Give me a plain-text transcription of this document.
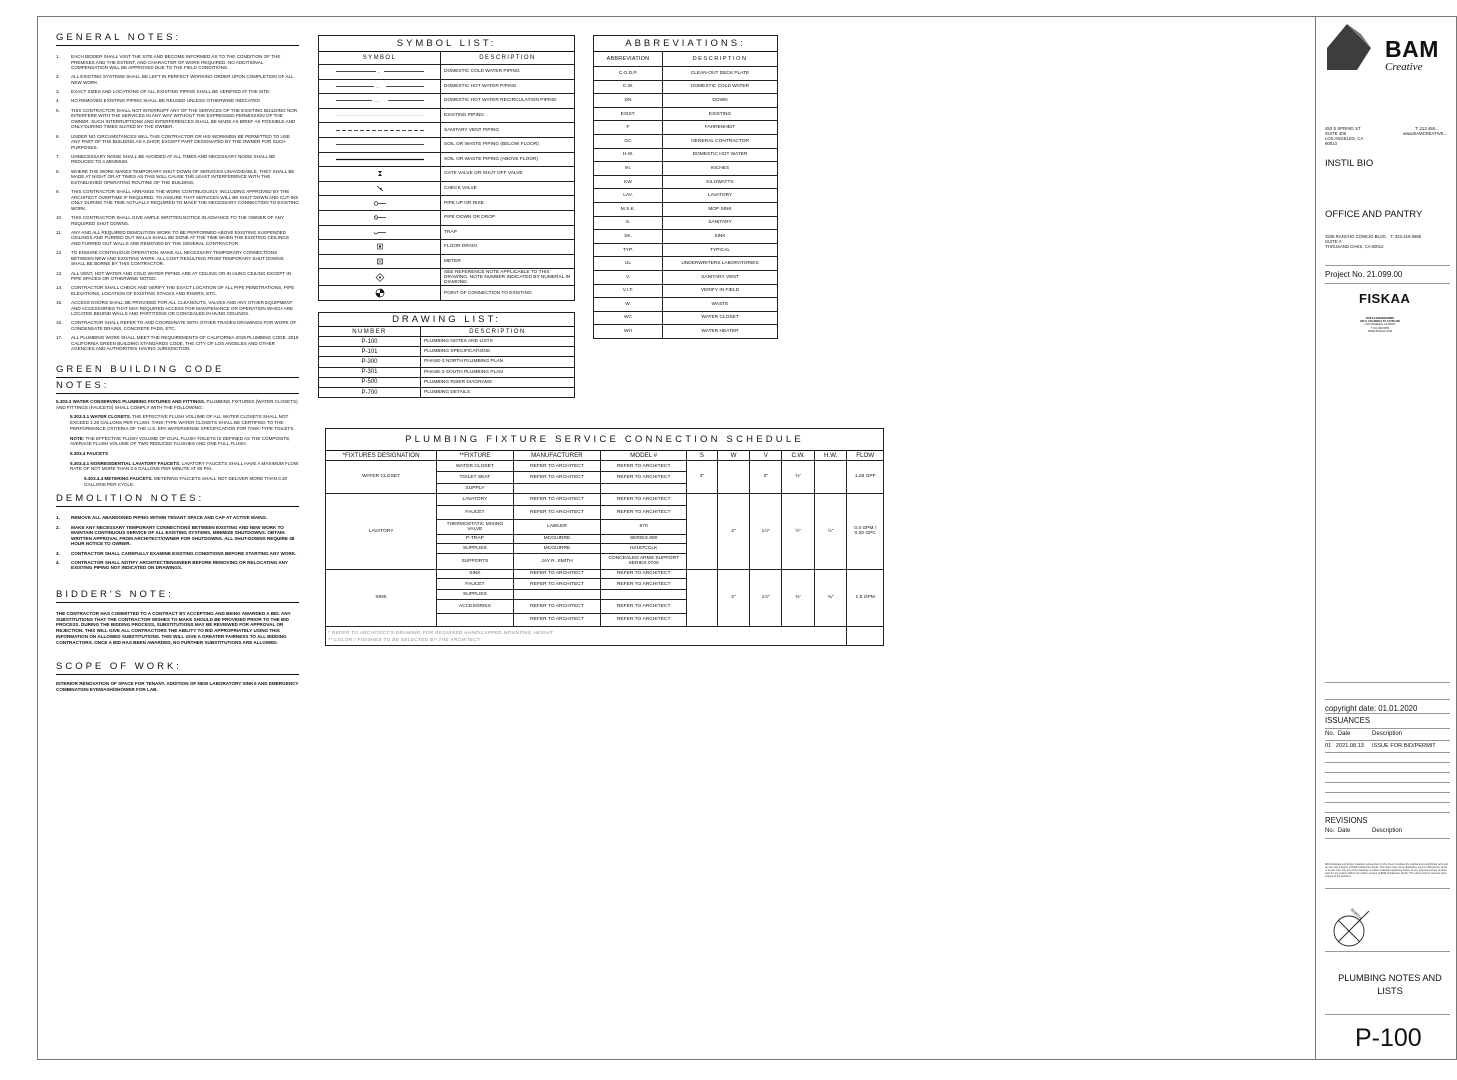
GENERAL NOTES:
1. EACH BIDDER SHALL VISIT THE SITE AND BECOME INFORMED AS TO THE CONDITION OF THE PREMISES AND THE EXTENT, AND CHARACTER OF WORK REQUIRED. NO ADDITIONAL COMPENSATION WILL BE APPROVED DUE TO THE FIELD CONDITIONS.
2. ALL EXISTING SYSTEMS SHALL BE LEFT IN PERFECT WORKING ORDER UPON COMPLETION OF ALL NEW WORK.
3. EXACT SIZES AND LOCATIONS OF ALL EXISTING PIPING SHALL BE VERIFIED AT THE SITE.
4. NO REMOVED EXISTING PIPING SHALL BE REUSED UNLESS OTHERWISE INDICATED.
5. THIS CONTRACTOR SHALL NOT INTERRUPT ANY OF THE SERVICES OF THE EXISTING BUILDING NOR INTERFERE WITH THE SERVICES IN ANY WAY WITHOUT THE EXPRESSED PERMISSION OF THE OWNER. SUCH INTERRUPTIONS AND INTERFERENCES SHALL BE MADE AS BRIEF AS POSSIBLE AND ONLY DURING TIMES SUITED BY THE OWNER.
6. UNDER NO CIRCUMSTANCES WILL THIS CONTRACTOR OR HIS WORKMEN BE PERMITTED TO USE ANY PART OF THE BUILDING AS A SHOP, EXCEPT PART DESIGNATED BY THE OWNER FOR SUCH PURPOSES.
7. UNNECESSARY NOISE SHALL BE AVOIDED AT ALL TIMES AND NECESSARY NOISE SHALL BE REDUCED TO A MINIMUM.
8. WHERE THE WORK MAKES TEMPORARY SHUT DOWN OF SERVICES UNAVOIDABLE, THEY SHALL BE MADE AT NIGHT OR AT TIMES AS THIS WILL CAUSE THE LEAST INTERFERENCE WITH THE ESTABLISHED OPERATING ROUTINE OF THE BUILDING.
9. THIS CONTRACTOR SHALL ARRANGE THE WORK CONTINUOUSLY, INCLUDING APPROVED BY THE ARCHITECT OVERTIME IF REQUIRED, TO ASSURE THAT SERVICES WILL BE SHUT DOWN AND CUT-INS ONLY DURING THE TIME ACTUALLY REQUIRED TO MAKE THE NECESSARY CONNECTION TO EXISTING WORK.
10. THIS CONTRACTOR SHALL GIVE AMPLE WRITTEN NOTICE IN ADVANCE TO THE OWNER OF ANY REQUIRED SHUT DOWNS.
11. ANY AND ALL REQUIRED DEMOLITION WORK TO BE PERFORMED ABOVE EXISTING SUSPENDED CEILINGS AND FURRED OUT WALLS SHALL BE DONE AT THE TIME WHEN THE EXISTING CEILINGS AND FURRED OUT WALLS ARE REMOVED BY THE GENERAL CONTRACTOR.
12. TO ENSURE CONTINUOUS OPERATION, MAKE ALL NECESSARY TEMPORARY CONNECTIONS BETWEEN NEW AND EXISTING WORK. ALL COST RESULTING FROM TEMPORARY SHUT DOWNS SHALL BE BORNE BY THIS CONTRACTOR.
13. ALL VENT, HOT WATER AND COLD WATER PIPING ARE AT CEILING OR IN HUNG CEILING EXCEPT IN PIPE SPACES OR OTHERWISE NOTED.
14. CONTRACTOR SHALL CHECK AND VERIFY THE EXACT LOCATION OF ALL PIPE PENETRATIONS, PIPE ELEVATIONS, LOCATION OF EXISTING STACKS AND RISERS, ETC.
15. ACCESS DOORS SHALL BE PROVIDED FOR ALL CLEANOUTS, VALVES AND ANY OTHER EQUIPMENT AND ACCESSORIES THAT MAY REQUIRED ACCESS FOR MAINTENANCE OR OPERATION WHICH ARE LOCATED BEHIND WALLS AND PARTITIONS OR CONCEALED IN HUNG CEILINGS.
16. CONTRACTOR SHALL REFER TO AND COORDINATE WITH OTHER TRADES DRAWINGS FOR WORK OF CONDENSATE DRAINS, CONCRETE PADS, ETC.
17. ALL PLUMBING WORK SHALL MEET THE REQUIREMENTS OF CALIFORNIA 2019 PLUMBING CODE, 2019 CALIFORNIA GREEN BUILDING STANDARDS CODE, THE CITY OF LOS ANGELES AND OTHER AGENCIES AND AUTHORITIES HAVING JURISDICTION.
GREEN BUILDING CODE
NOTES:

5.303.3 WATER CONSERVING PLUMBING FIXTURES AND FITTINGS. PLUMBING FIXTURES (WATER CLOSETS) AND FITTINGS (FAUCETS) SHALL COMPLY WITH THE FOLLOWING:

5.303.3.1 WATER CLOSETS. THE EFFECTIVE FLUSH VOLUME OF ALL WATER CLOSETS SHALL NOT EXCEED 1.28 GALLONS PER FLUSH. TANK-TYPE WATER CLOSETS SHALL BE CERTIFIED TO THE PERFORMANCE CRITERIA OF THE U.S. EPA WATERSENSE SPECIFICATION FOR TANK-TYPE TOILETS.

NOTE: THE EFFECTIVE FLUSH VOLUME OF DUAL FLUSH TOILETS IS DEFINED AS THE COMPOSITE, AVERAGE FLUSH VOLUME OF TWO REDUCED FLUSHES AND ONE FULL FLUSH.

5.303.4 FAUCETS

5.303.4.1 NONRESIDENTIAL LAVATORY FAUCETS. LAVATORY FAUCETS SHALL HAVE A MAXIMUM FLOW RATE OF NOT MORE THAN 0.5 GALLONS PER MINUTE AT 60 PSI.

5.303.4.4 METERING FAUCETS. METERING FAUCETS SHALL NOT DELIVER MORE THAN 0.20 GALLONS PER CYCLE.

DEMOLITION NOTES:
1. REMOVE ALL ABANDONED PIPING WITHIN TENANT SPACE AND CAP AT ACTIVE MAINS.
2. MAKE ANY NECESSARY TEMPORARY CONNECTIONS BETWEEN EXISTING AND NEW WORK TO MAINTAIN CONTINUOUS SERVICE OF ALL EXISTING SYSTEMS. MINIMIZE SHUTDOWNS. OBTAIN WRITTEN APPROVAL FROM ARCHITECT/OWNER FOR SHUTDOWNS. ALL SHUT-DOWNS REQUIRE 48 HOUR NOTICE TO OWNER.
3. CONTRACTOR SHALL CAREFULLY EXAMINE EXISTING CONDITIONS BEFORE STARTING ANY WORK.
4. CONTRACTOR SHALL NOTIFY ARCHITECT/ENGINEER BEFORE REMOVING OR RELOCATING ANY EXISTING PIPING NOT INDICATED ON DRAWINGS.
BIDDER'S NOTE:

THE CONTRACTOR HAS COMMITTED TO A CONTRACT BY ACCEPTING AND BEING AWARDED A BID. ANY SUBSTITUTIONS THAT THE CONTRACTOR WISHES TO MAKE SHOULD BE PROVIDED PRIOR TO THE BID PROCESS. DURING THE BIDDING PROCESS, SUBSTITUTIONS MAY BE REVIEWED FOR APPROVAL OR REJECTION. THIS WILL GIVE ALL CONTRACTORS THE ABILITY TO BID APPROPRIATELY USING THIS INFORMATION ON ALLOWED SUBSTITUTIONS. THIS WILL GIVE A GREATER FAIRNESS TO ALL BIDDING CONTRACTORS. ONCE A BID HAS BEEN AWARDED, NO FURTHER SUBSTITUTIONS ARE ALLOWED.

SCOPE OF WORK:

INTERIOR RENOVATION OF SPACE FOR TENANT. ADDITION OF NEW LABORATORY SINKS AND EMERGENCY COMBINATION EYEWASH/SHOWER FOR LAB.

SYMBOL LIST:	
SYMBOL	DESCRIPTION

-	DOMESTIC COLD WATER PIPING

- -	DOMESTIC HOT WATER PIPING

- - -	DOMESTIC HOT WATER RECIRCULATION PIPING

	EXISTING PIPING

	SANITARY VENT PIPING

	SOIL OR WASTE PIPING (BELOW FLOOR)

	SOIL OR WASTE PIPING (ABOVE FLOOR)

	GATE VALVE OR SHUT OFF VALVE

	CHECK VALVE

	PIPE UP OR RISE

	PIPE DOWN OR DROP

	TRAP

	FLOOR DRAIN

	METER

	SEE REFERENCE NOTE APPLICABLE TO THIS DRAWING. NOTE NUMBER INDICATED BY NUMERAL IN DIAMOND.

	POINT OF CONNECTION TO EXISTING
DRAWING LIST:	
NUMBER	DESCRIPTION
P-100	PLUMBING NOTES AND LISTS
P-101	PLUMBING SPECIFICATIONS
P-300	PHASE-3 NORTH PLUMBING PLAN
P-301	PHASE-3 SOUTH PLUMBING PLAN
P-500	PLUMBING RISER DIAGRAMS
P-700	PLUMBING DETAILS
ABBREVIATIONS:	
ABBREVIATION	DESCRIPTION
C.O.D.P.	CLEAN-OUT DECK PLATE
C.W.	DOMESTIC COLD WATER
DN	DOWN
EXIST.	EXISTING
F	FAHRENHEIT
GC	GENERAL CONTRACTOR
H.W.	DOMESTIC HOT WATER
IN.	INCHES
KW	KILOWATTS
LAV.	LAVATORY
M.S.K.	MOP SINK
S.	SANITARY
SK.	SINK
TYP.	TYPICAL
UL	UNDERWRITERS LABORATORIES
V.	SANITARY VENT
V.I.F.	VERIFY IN FIELD
W.	WASTE
WC	WATER CLOSET
WH	WATER HEATER
PLUMBING FIXTURE SERVICE CONNECTION SCHEDULE									
*FIXTURES DESIGNATION	**FIXTURE	MANUFACTURER	MODEL #	S	W	V	C.W.	H.W.	FLOW
WATER CLOSET	WATER CLOSET	REFER TO ARCHITECT	REFER TO ARCHITECT	4"		2"	¾"		1.28 GPF
	TOILET SEAT	REFER TO ARCHITECT	REFER TO ARCHITECT						
	SUPPLY								
LAVATORY	LAVATORY	REFER TO ARCHITECT	REFER TO ARCHITECT		2"	1½"	½"	½"	0.4 GPM / 0.20 GPC
	FAUCET	REFER TO ARCHITECT	REFER TO ARCHITECT						
	THERMOSTATIC MIXING VALVE	LAWLER	570						
	P-TRAP	MCGUIRRE	SERIES 800						
	SUPPLIES	MCGUIRRE	H2167CCLK						
	SUPPORTS	JAY R. SMITH	CONCEALED ARMS SUPPORT SERIES 0700						
SINK	SINK	REFER TO ARCHITECT	REFER TO ARCHITECT		2"	1½"	¾"	¾"	1.5 GPM
	FAUCET	REFER TO ARCHITECT	REFER TO ARCHITECT						
	SUPPLIES								
	ACCESORIES	REFER TO ARCHITECT	REFER TO ARCHITECT						
		REFER TO ARCHITECT	REFER TO ARCHITECT						
* REFER TO ARCHITECT'S DRAWING FOR REQUIRED HANDICAPPED MOUNTING HEIGHT
** COLOR / FINISHES TO BE SELECTED BY THE ARCHITECT									
BAM
Creative
453 S SPRING ST
SUITE 408
LOS ANGELES, CA
90013
T: 213.465...
www.BAMCREATIVE...
INSTIL BIO
OFFICE AND PANTRY
1535 RANCHO CONEJO BLVD. T: 323.419.0685
SUITE A
THOUSAND OAKS, CA 90012
Project No. 21.099.00
FISKAA
FISKAA ENGINEERING
900 S. FIGUEROA ST. SUITE 900
LOS ANGELES, CA 90017
T 213 400-5655
WWW.FISKAA.COM
copyright date: 01.01.2020
ISSUANCES
No. Date	Description
01 2021.08.13 ISSUE FOR BID/PERMIT
REVISIONS
No. Date	Description
BAM drawings and written materials represented on this sheet constitute the original and unpublished work and are the sole property of BAM Architecture Studio. This sheet may not be duplicated, used or disclosed in whole or in part. Use may any of the drawings or written materials appearing within, for any purpose and any another work for any reason without the written consent of BAM Architecture Studio. This sheet must be returned upon request of the Architect.
NORTH
PLUMBING NOTES AND LISTS
P-100
